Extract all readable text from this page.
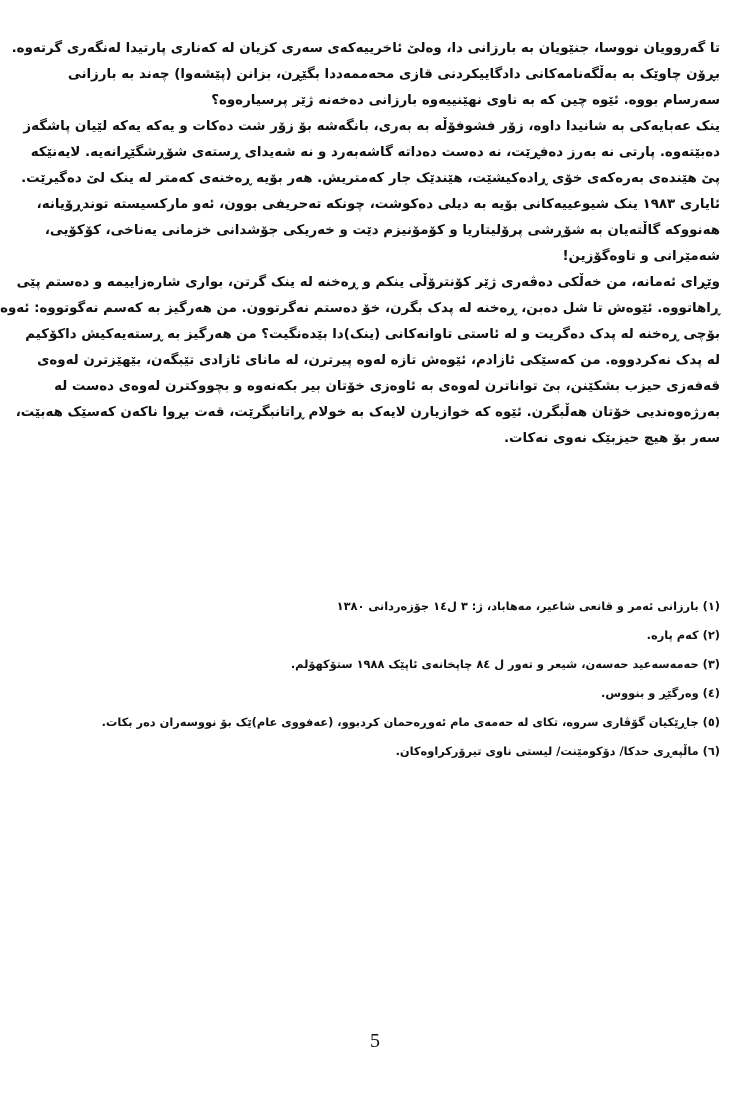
تا گەروویان نووسا، جنێویان بە بارزانی دا، وەلێ ئاخرییەکەی سەری کزیان لە کەناری پارتیدا لەنگەری گرتەوە.
بڕۆن چاوێک بە بەڵگەنامەکانی دادگاییکردنی قازی محەممەددا بگێڕن، بزانن (پێشەوا) چەند بە بارزانی
سەرسام بووە. ئێوە چین کە بە ناوی نهێنییەوە بارزانی دەخەنە ژێر پرسیارەوە؟
ینک عەبایەکی بە شانیدا داوە، زۆر فشوفۆڵە بە بەری، بانگەشە بۆ زۆر شت دەکات و یەکە یەکە لێیان پاشگەز
دەبێتەوە. پارتی نە بەرز دەفڕێت، نە دەست دەداتە گاشەبەرد و نە شەیدای ڕستەی شۆڕشگێڕانەیە. لایەنێکە
پێ هێندەی بەرەکەی خۆی ڕادەکیشێت، هێندێک جار کەمتریش. هەر بۆیە ڕەخنەی کەمتر لە ینک لێ دەگیرێت.
ئایاری ١٩٨٣ ینک شیوعییەکانی بۆیە بە دیلی دەکوشت، چونکە تەحریفی بوون، ئەو مارکسیستە توندڕۆیانە،
هەنووکە گاڵتەیان بە شۆڕشی پرۆلیتاریا و کۆمۆنیزم دێت و خەریکی جۆشدانی خزمانی یەناخی، کۆکۆیی،
شەمێرانی و تاوەگۆزین!
وێڕای ئەمانە، من خەڵکی دەڤەری ژێر کۆنترۆڵی ینکم و ڕەخنە لە ینک گرتن، بواری شارەزاییمە و دەستم پێی
ڕاهاتووە. ئێوەش تا شل دەبن، ڕەخنە لە پدک بگرن، خۆ دەستم نەگرتوون. من هەرگیز بە کەسم نەگوتووە: ئەوە
بۆچی ڕەخنە لە پدک دەگریت و لە ئاستی تاوانەکانی (ینک)دا بێدەنگیت؟ من هەرگیز بە ڕستەیەکیش داکۆکیم
لە پدک نەکردووە. من کەسێکی ئازادم، ئێوەش تازە لەوە پیرترن، لە مانای ئازادی تێبگەن، بێهێزترن لەوەی
قەفەزی حیزب بشکێنن، بێ تواناترن لەوەی بە ئاوەزی خۆتان بیر بکەنەوە و بچووکترن لەوەی دەست لە
بەرژەوەندیی خۆتان هەڵبگرن. ئێوە کە خوازیارن لایەک بە خولام ڕاتانبگرێت، قەت بڕوا ناکەن کەسێک هەبێت،
سەر بۆ هیچ حیزبێک نەوی نەکات.
(١) بارزانی ئەمر و قانعی شاعیر، مەهاباد، ژ: ٣ ل١٤ جۆزەردانی ١٣٨٠
(٢) کەم پارە.
(٣) حەمەسەعید حەسەن، شیعر و تەور ل ٨٤ چاپخانەی ئاپێک ١٩٨٨ ستۆکهۆلم.
(٤) وەرگێڕ و بنووس.
(٥) جاڕێکیان گۆڤاری سروە، تکای لە حەمەی مام ئەوڕەحمان کردبوو، (عەفووی عام)ێک بۆ نووسەران دەر بکات.
(٦) ماڵپەڕی حدکا/ دۆکومێنت/ لیستی ناوی تیرۆرکراوەکان.
5
